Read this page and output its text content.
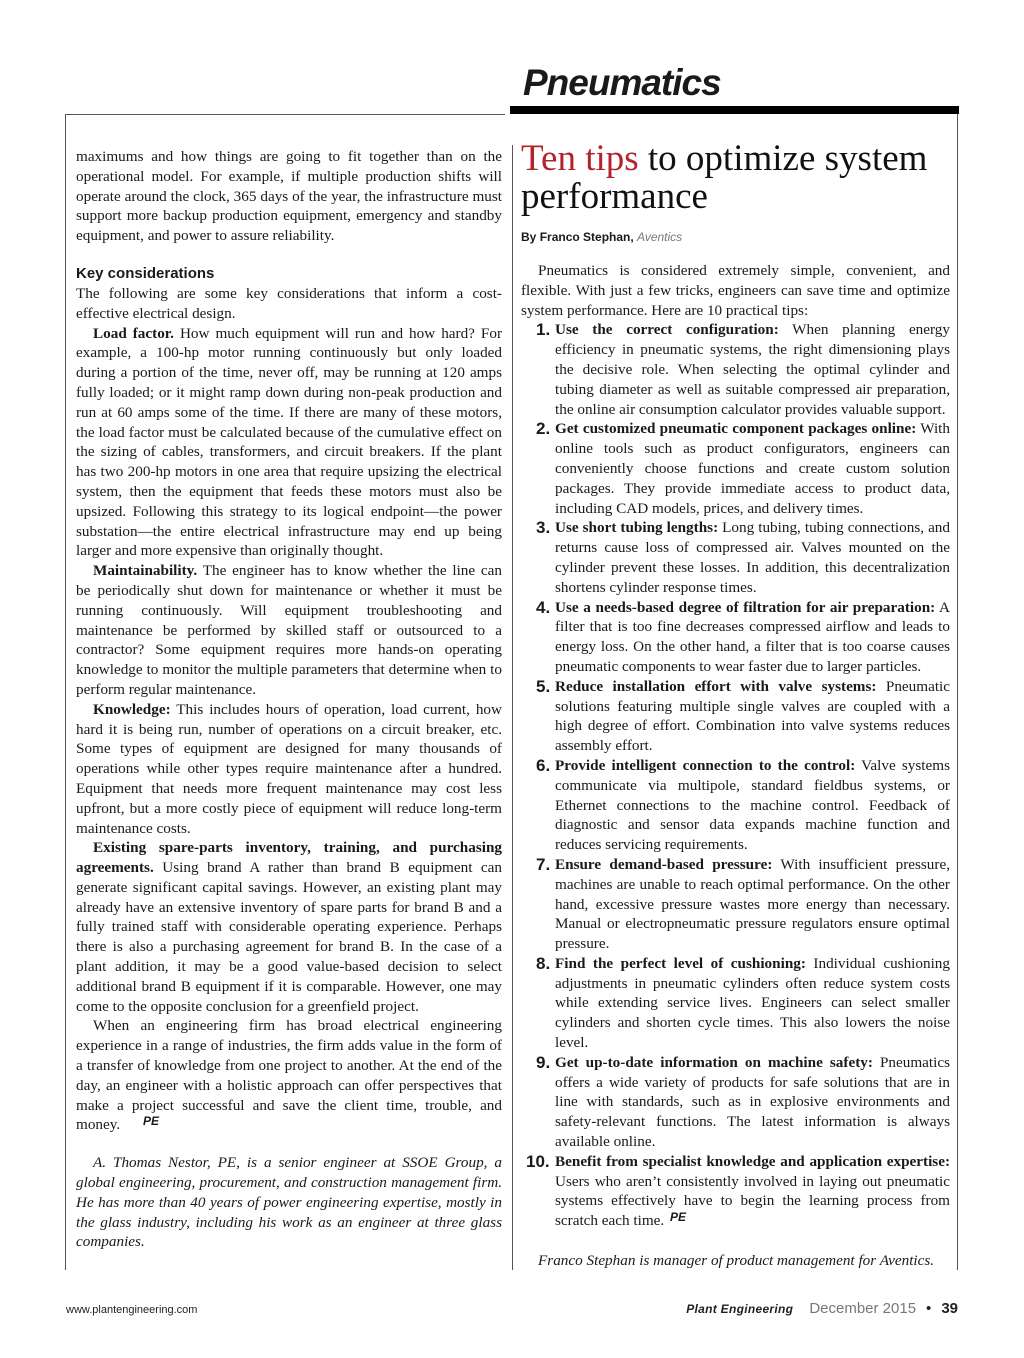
Pneumatics

maximums and how things are going to fit together than on the operational model. For example, if multiple production shifts will operate around the clock, 365 days of the year, the infrastructure must support more backup production equipment, emergency and standby equipment, and power to assure reliability.

Key considerations

The following are some key considerations that inform a cost-effective electrical design.

Load factor. How much equipment will run and how hard? For example, a 100-hp motor running continuously but only loaded during a portion of the time, never off, may be running at 120 amps fully loaded; or it might ramp down during non-peak production and run at 60 amps some of the time. If there are many of these motors, the load factor must be calculated because of the cumulative effect on the sizing of cables, transformers, and circuit breakers. If the plant has two 200-hp motors in one area that require upsizing the electrical system, then the equipment that feeds these motors must also be upsized. Following this strategy to its logical endpoint—the power substation—the entire electrical infrastructure may end up being larger and more expensive than originally thought.

Maintainability. The engineer has to know whether the line can be periodically shut down for maintenance or whether it must be running continuously. Will equipment troubleshooting and maintenance be performed by skilled staff or outsourced to a contractor? Some equipment requires more hands-on operating knowledge to monitor the multiple parameters that determine when to perform regular maintenance.

Knowledge: This includes hours of operation, load current, how hard it is being run, number of operations on a circuit breaker, etc. Some types of equipment are designed for many thousands of operations while other types require maintenance after a hundred. Equipment that needs more frequent maintenance may cost less upfront, but a more costly piece of equipment will reduce long-term maintenance costs.

Existing spare-parts inventory, training, and purchasing agreements. Using brand A rather than brand B equipment can generate significant capital savings. However, an existing plant may already have an extensive inventory of spare parts for brand B and a fully trained staff with considerable operating experience. Perhaps there is also a purchasing agreement for brand B. In the case of a plant addition, it may be a good value-based decision to select additional brand B equipment if it is comparable. However, one may come to the opposite conclusion for a greenfield project.

When an engineering firm has broad electrical engineering experience in a range of industries, the firm adds value in the form of a transfer of knowledge from one project to another. At the end of the day, an engineer with a holistic approach can offer perspectives that make a project successful and save the client time, trouble, and money. PE

A. Thomas Nestor, PE, is a senior engineer at SSOE Group, a global engineering, procurement, and construction management firm. He has more than 40 years of power engineering expertise, mostly in the glass industry, including his work as an engineer at three glass companies.

Ten tips to optimize system performance
By Franco Stephan, Aventics

Pneumatics is considered extremely simple, convenient, and flexible. With just a few tricks, engineers can save time and optimize system performance. Here are 10 practical tips:

1. Use the correct configuration: When planning energy efficiency in pneumatic systems, the right dimensioning plays the decisive role. When selecting the optimal cylinder and tubing diameter as well as suitable compressed air preparation, the online air consumption calculator provides valuable support.
2. Get customized pneumatic component packages online: With online tools such as product configurators, engineers can conveniently choose functions and create custom solution packages. They provide immediate access to product data, including CAD models, prices, and delivery times.
3. Use short tubing lengths: Long tubing, tubing connections, and returns cause loss of compressed air. Valves mounted on the cylinder prevent these losses. In addition, this decentralization shortens cylinder response times.
4. Use a needs-based degree of filtration for air preparation: A filter that is too fine decreases compressed airflow and leads to energy loss. On the other hand, a filter that is too coarse causes pneumatic components to wear faster due to larger particles.
5. Reduce installation effort with valve systems: Pneumatic solutions featuring multiple single valves are coupled with a high degree of effort. Combination into valve systems reduces assembly effort.
6. Provide intelligent connection to the control: Valve systems communicate via multipole, standard fieldbus systems, or Ethernet connections to the machine control. Feedback of diagnostic and sensor data expands machine function and reduces servicing requirements.
7. Ensure demand-based pressure: With insufficient pressure, machines are unable to reach optimal performance. On the other hand, excessive pressure wastes more energy than necessary. Manual or electropneumatic pressure regulators ensure optimal pressure.
8. Find the perfect level of cushioning: Individual cushioning adjustments in pneumatic cylinders often reduce system costs while extending service lives. Engineers can select smaller cylinders and shorten cycle times. This also lowers the noise level.
9. Get up-to-date information on machine safety: Pneumatics offers a wide variety of products for safe solutions that are in line with standards, such as in explosive environments and safety-relevant functions. The latest information is always available online.
10. Benefit from specialist knowledge and application expertise: Users who aren’t consistently involved in laying out pneumatic systems effectively have to begin the learning process from scratch each time. PE

Franco Stephan is manager of product management for Aventics.

www.plantengineering.com	Plant Engineering December 2015 • 39
